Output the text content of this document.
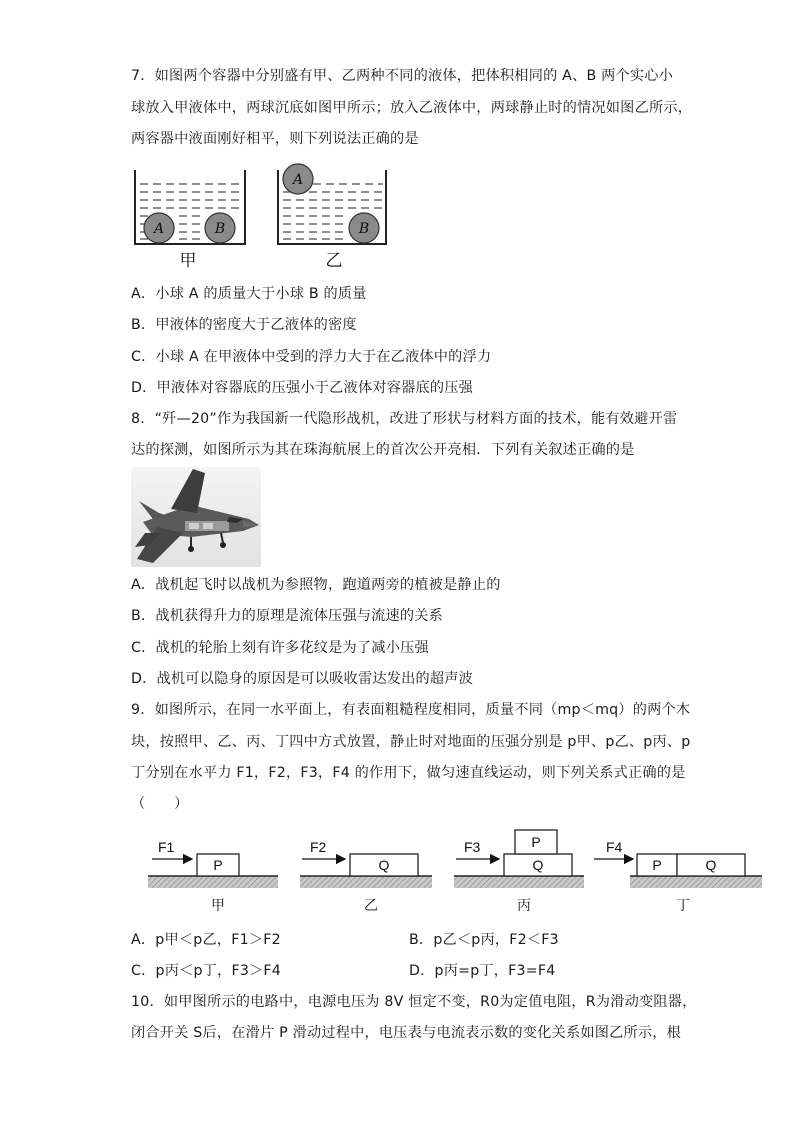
7．如图两个容器中分别盛有甲、乙两种不同的液体，把体积相同的 A、B 两个实心小
球放入甲液体中，两球沉底如图甲所示；放入乙液体中，两球静止时的情况如图乙所示，
两容器中液面刚好相平，则下列说法正确的是
A	B
A
B
甲	乙
A．小球 A 的质量大于小球 B 的质量
B．甲液体的密度大于乙液体的密度
C．小球 A 在甲液体中受到的浮力大于在乙液体中的浮力
D．甲液体对容器底的压强小于乙液体对容器底的压强
8．“歼—20”作为我国新一代隐形战机，改进了形状与材料方面的技术，能有效避开雷
达的探测，如图所示为其在珠海航展上的首次公开亮相．下列有关叙述正确的是
A．战机起飞时以战机为参照物，跑道两旁的植被是静止的
B．战机获得升力的原理是流体压强与流速的关系
C．战机的轮胎上刻有许多花纹是为了减小压强
D．战机可以隐身的原因是可以吸收雷达发出的超声波
9．如图所示，在同一水平面上，有表面粗糙程度相同，质量不同（mp＜mq）的两个木
块，按照甲、乙、丙、丁四中方式放置，静止时对地面的压强分别是 p甲、p乙、p丙、p
丁分别在水平力 F1，F2，F3，F4 的作用下，做匀速直线运动，则下列关系式正确的是
（　　）
F1	F2	F3	F4
P	Q	Q
P
P	Q
甲	乙	丙	丁
A．p甲＜p乙，F1＞F2	B．p乙＜p丙，F2＜F3
C．p丙＜p丁，F3＞F4	D．p丙=p丁，F3=F4
10．如甲图所示的电路中，电源电压为 8V 恒定不变，R0为定值电阻，R为滑动变阻器，
闭合开关 S后，在滑片 P 滑动过程中，电压表与电流表示数的变化关系如图乙所示，根
